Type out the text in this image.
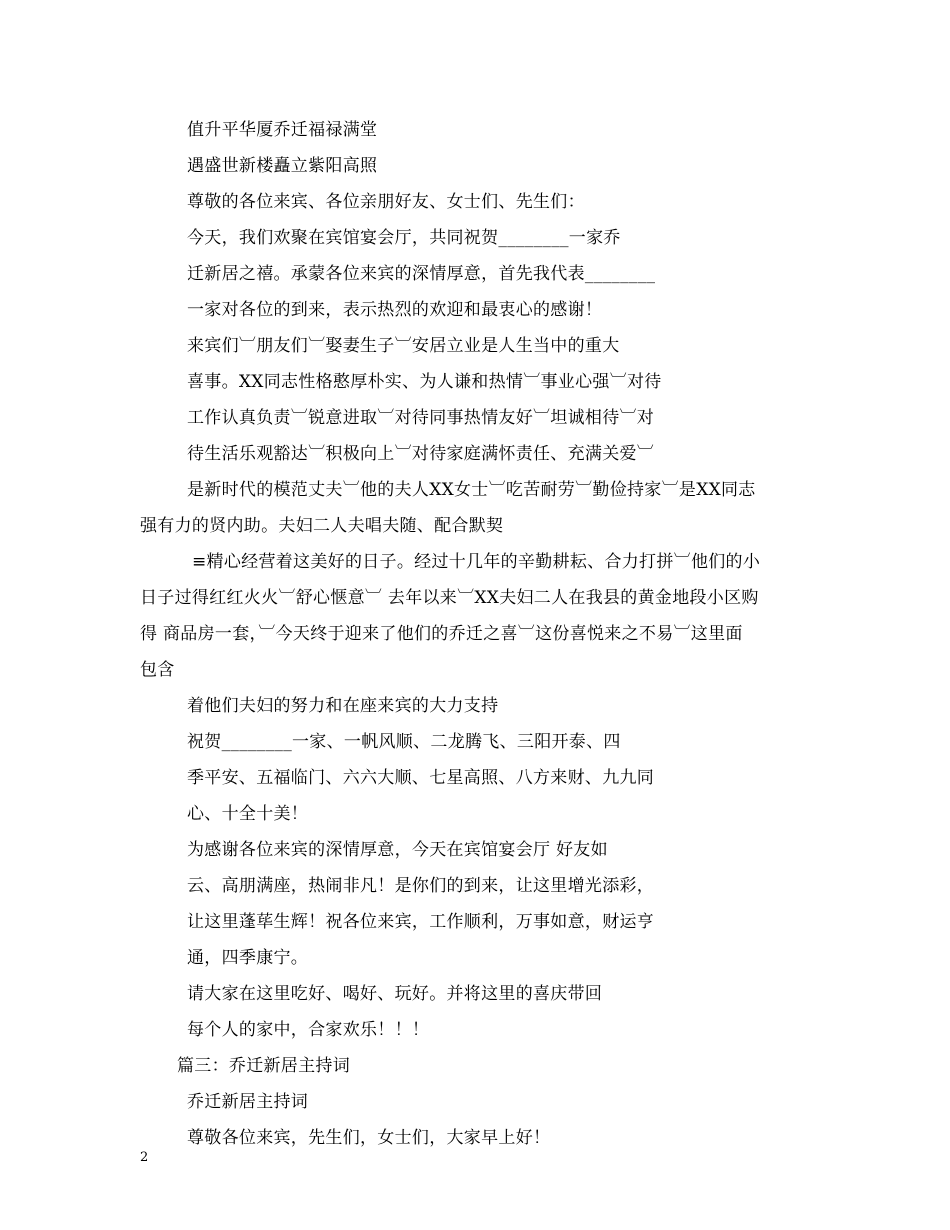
值升平华厦乔迁福禄满堂
遇盛世新楼矗立紫阳高照
尊敬的各位来宾、各位亲朋好友、女士们、先生们：
今天，我们欢聚在宾馆宴会厅，共同祝贺________一家乔
迁新居之禧。承蒙各位来宾的深情厚意，首先我代表________
一家对各位的到来，表示热烈的欢迎和最衷心的感谢！
来宾们︺朋友们︺娶妻生子︺安居立业是人生当中的重大
喜事。XX同志性格憨厚朴实、为人谦和热情︺事业心强︺对待
工作认真负责︺锐意进取︺对待同事热情友好︺坦诚相待︺对
待生活乐观豁达︺积极向上︺对待家庭满怀责任、充满关爱︺
是新时代的模范丈夫︺他的夫人XX女士︺吃苦耐劳︺勤俭持家︺是XX同志
强有力的贤内助。夫妇二人夫唱夫随、配合默契
≡精心经营着这美好的日子。经过十几年的辛勤耕耘、合力打拼︺他们的小
日子过得红红火火︺舒心惬意︺ 去年以来︺XX夫妇二人在我县的黄金地段小区购
得 商品房一套，︺今天终于迎来了他们的乔迁之喜︺这份喜悦来之不易︺这里面
包含
着他们夫妇的努力和在座来宾的大力支持
祝贺________一家、一帆风顺、二龙腾飞、三阳开泰、四
季平安、五福临门、六六大顺、七星高照、八方来财、九九同
心、十全十美！
为感谢各位来宾的深情厚意，今天在宾馆宴会厅 好友如
云、高朋满座，热闹非凡！是你们的到来，让这里增光添彩，
让这里蓬荜生辉！祝各位来宾，工作顺利，万事如意，财运亨
通，四季康宁。
请大家在这里吃好、喝好、玩好。并将这里的喜庆带回
每个人的家中，合家欢乐！！！
篇三：乔迁新居主持词
乔迁新居主持词
尊敬各位来宾，先生们，女士们，大家早上好！
2
